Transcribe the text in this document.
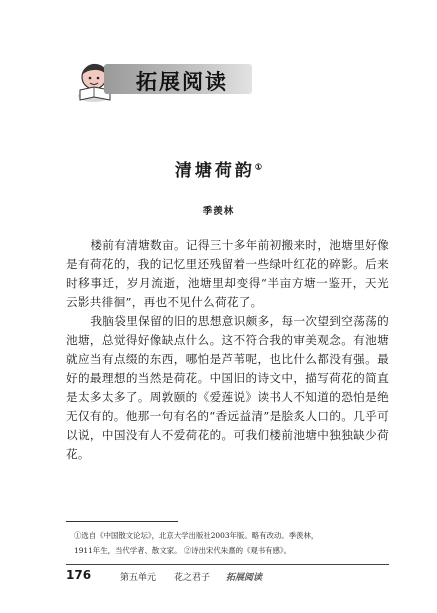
拓展阅读
清塘荷韵①
季羡林

楼前有清塘数亩。记得三十多年前初搬来时，池塘里好像是有荷花的，我的记忆里还残留着一些绿叶红花的碎影。后来时移事迁，岁月流逝，池塘里却变得“半亩方塘一鉴开，天光云影共徘徊”，再也不见什么荷花了。

我脑袋里保留的旧的思想意识颇多，每一次望到空荡荡的池塘，总觉得好像缺点什么。这不符合我的审美观念。有池塘就应当有点缀的东西，哪怕是芦苇呢，也比什么都没有强。最好的最理想的当然是荷花。中国旧的诗文中，描写荷花的简直是太多太多了。周敦颐的《爱莲说》读书人不知道的恐怕是绝无仅有的。他那一句有名的“香远益清”是脍炙人口的。几乎可以说，中国没有人不爱荷花的。可我们楼前池塘中独独缺少荷花。

①选自《中国散文论坛》，北京大学出版社2003年版。略有改动。季羡林，

1911年生，当代学者、散文家。 ②诗出宋代朱熹的《观书有感》。

176	第五单元 花之君子 拓展阅读
